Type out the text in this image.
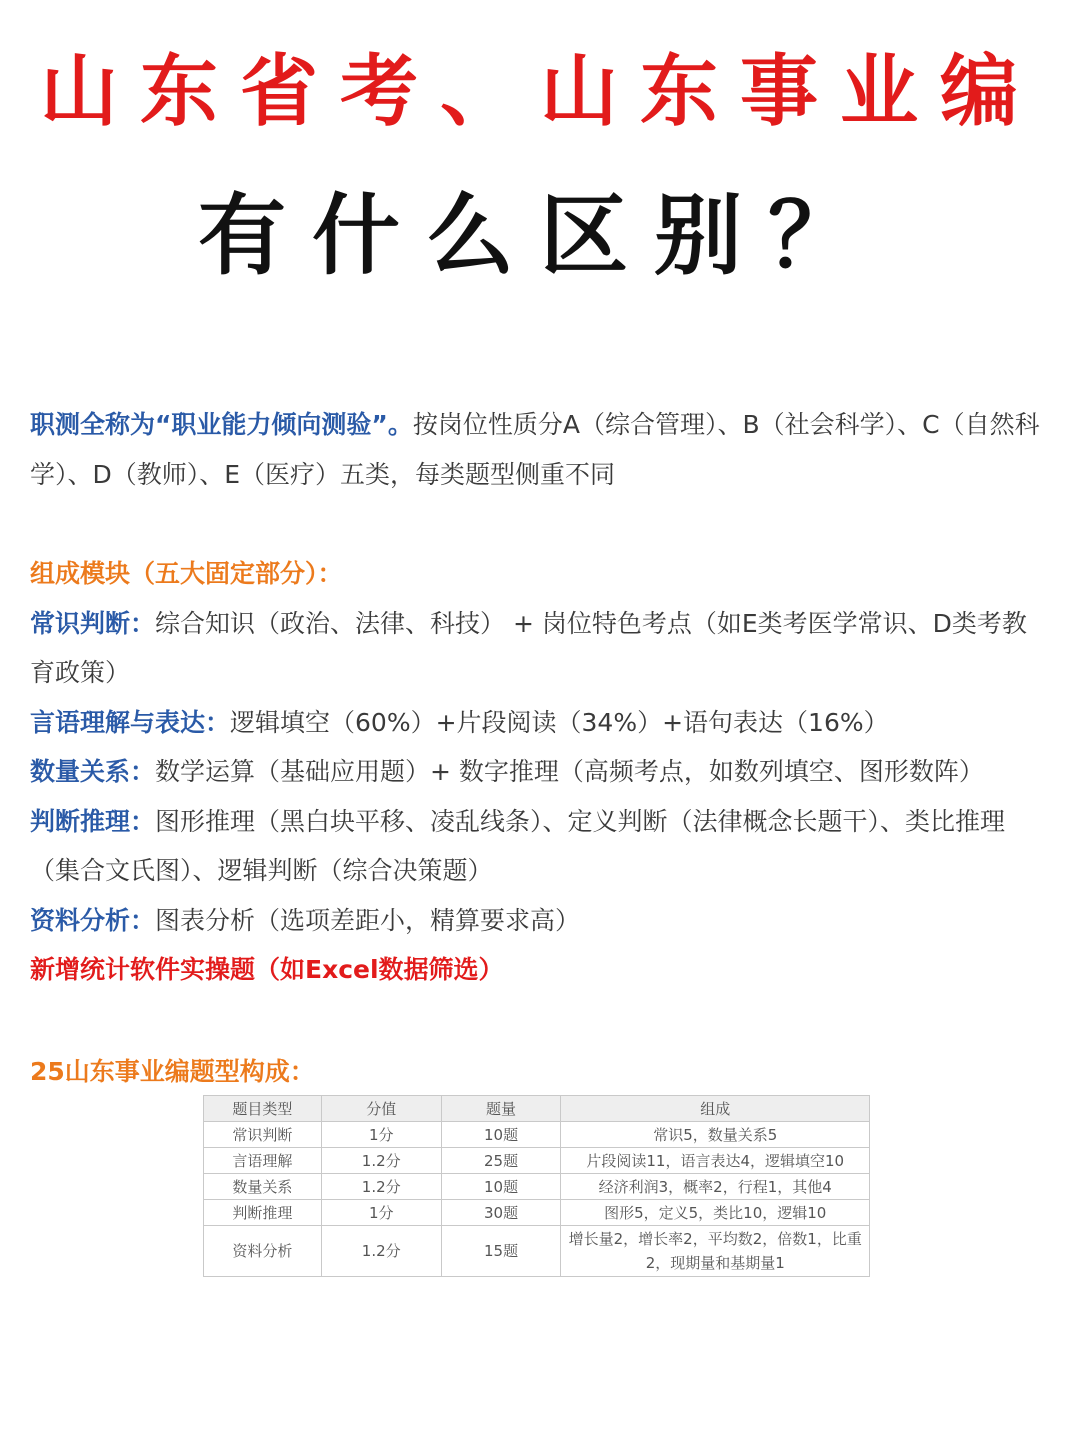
山东省考、山东事业编
有什么区别？

职测全称为“职业能力倾向测验”。按岗位性质分A（综合管理）、B（社会科学）、C（自然科学）、D（教师）、E（医疗）五类，每类题型侧重不同

组成模块（五大固定部分）：

常识判断：综合知识（政治、法律、科技） + 岗位特色考点（如E类考医学常识、D类考教育政策）

言语理解与表达：逻辑填空（60%）+片段阅读（34%）+语句表达（16%）

数量关系：数学运算（基础应用题）+ 数字推理（高频考点，如数列填空、图形数阵）

判断推理：图形推理（黑白块平移、凌乱线条）、定义判断（法律概念长题干）、类比推理（集合文氏图）、逻辑判断（综合决策题）

资料分析：图表分析（选项差距小，精算要求高）新增统计软件实操题（如Excel数据筛选）

25山东事业编题型构成：
题目类型	分值	题量	组成
常识判断	1分	10题	常识5，数量关系5
言语理解	1.2分	25题	片段阅读11，语言表达4，逻辑填空10
数量关系	1.2分	10题	经济利润3，概率2，行程1，其他4
判断推理	1分	30题	图形5，定义5，类比10，逻辑10
资料分析	1.2分	15题	增长量2，增长率2，平均数2，倍数1，比重2，现期量和基期量1
